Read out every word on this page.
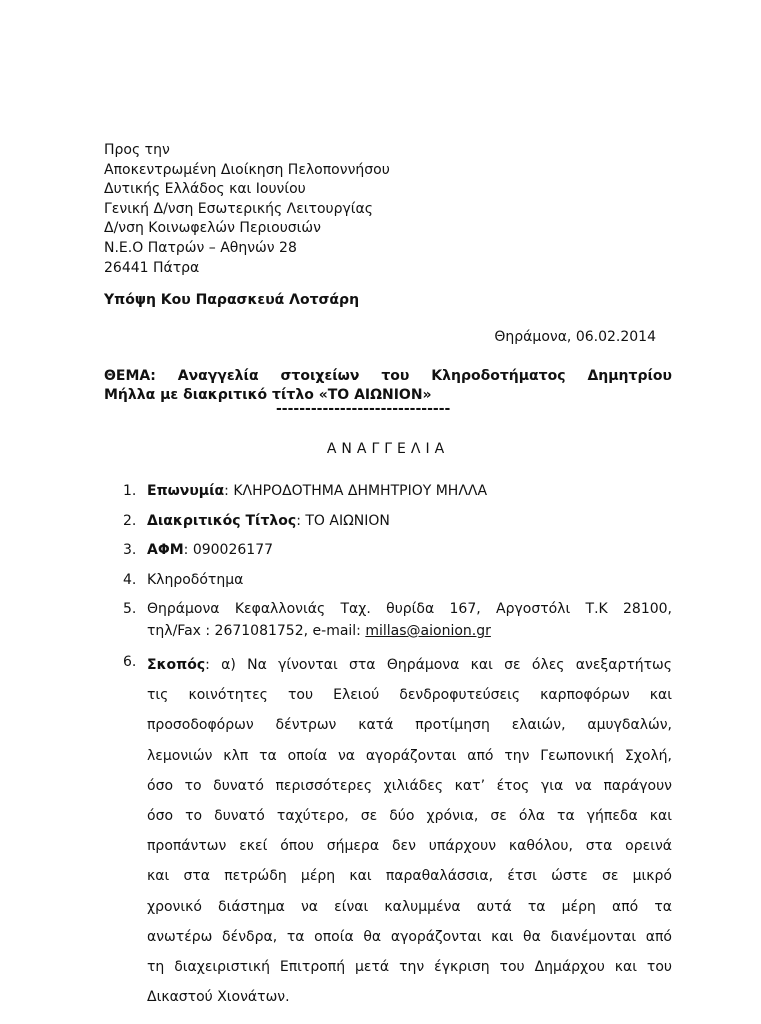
Προς την
Αποκεντρωμένη Διοίκηση Πελοποννήσου
Δυτικής Ελλάδος και Ιουνίου
Γενική Δ/νση Εσωτερικής Λειτουργίας
Δ/νση Κοινωφελών Περιουσιών
Ν.Ε.Ο Πατρών – Αθηνών 28
26441 Πάτρα
Υπόψη Κου Παρασκευά Λοτσάρη
Θηράμονα, 06.02.2014
ΘΕΜΑ: Αναγγελία στοιχείων του Κληροδοτήματος Δημητρίου
Μήλλα με διακριτικό τίτλο «ΤΟ ΑΙΩΝΙΟΝ»
------------------------------
ΑΝΑΓΓΕΛΙΑ
1. Επωνυμία: ΚΛΗΡΟΔΟΤΗΜΑ ΔΗΜΗΤΡΙΟΥ ΜΗΛΛΑ
2. Διακριτικός Τίτλος: ΤΟ ΑΙΩΝΙΟΝ
3. ΑΦΜ: 090026177
4. Κληροδότημα
5. Θηράμονα Κεφαλλονιάς Ταχ. θυρίδα 167, Αργοστόλι Τ.Κ 28100,
τηλ/Fax : 2671081752, e-mail: millas@aionion.gr
6. Σκοπός: α) Να γίνονται στα Θηράμονα και σε όλες ανεξαρτήτως
τις κοινότητες του Ελειού δενδροφυτεύσεις καρποφόρων και
προσοδοφόρων δέντρων κατά προτίμηση ελαιών, αμυγδαλών,
λεμονιών κλπ τα οποία να αγοράζονται από την Γεωπονική Σχολή,
όσο το δυνατό περισσότερες χιλιάδες κατ’ έτος για να παράγουν
όσο το δυνατό ταχύτερο, σε δύο χρόνια, σε όλα τα γήπεδα και
προπάντων εκεί όπου σήμερα δεν υπάρχουν καθόλου, στα ορεινά
και στα πετρώδη μέρη και παραθαλάσσια, έτσι ώστε σε μικρό
χρονικό διάστημα να είναι καλυμμένα αυτά τα μέρη από τα
ανωτέρω δένδρα, τα οποία θα αγοράζονται και θα διανέμονται από
τη διαχειριστική Επιτροπή μετά την έγκριση του Δημάρχου και του
Δικαστού Χιονάτων.
